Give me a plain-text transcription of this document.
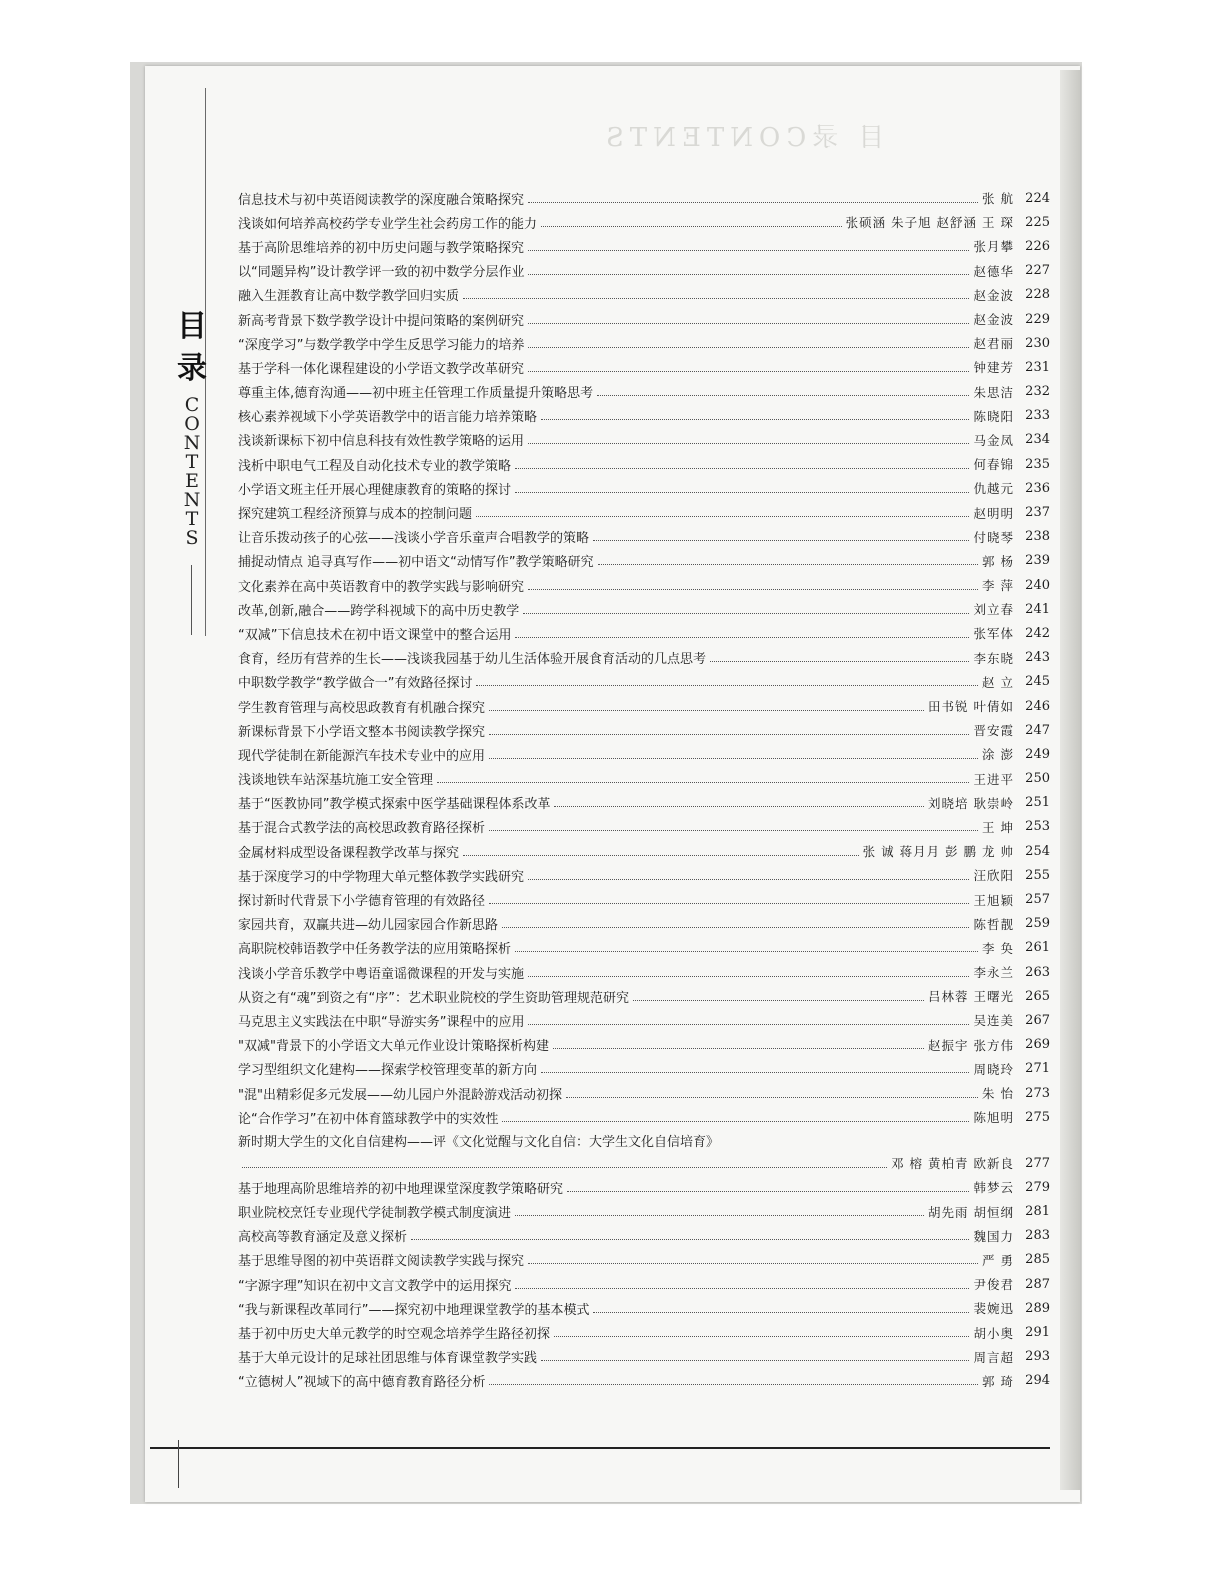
目 录CONTENTS
目
录
C
O
N
T
E
N
T
S
信息技术与初中英语阅读教学的深度融合策略探究	张 航 224
浅谈如何培养高校药学专业学生社会药房工作的能力	张硕涵 朱子旭 赵舒涵 王 琛 225
基于高阶思维培养的初中历史问题与教学策略探究	张月攀 226
以“同题异构”设计教学评一致的初中数学分层作业	赵德华 227
融入生涯教育让高中数学教学回归实质	赵金波 228
新高考背景下数学教学设计中提问策略的案例研究	赵金波 229
“深度学习”与数学教学中学生反思学习能力的培养	赵君丽 230
基于学科一体化课程建设的小学语文教学改革研究	钟建芳 231
尊重主体,德育沟通——初中班主任管理工作质量提升策略思考	朱思洁 232
核心素养视域下小学英语教学中的语言能力培养策略	陈晓阳 233
浅谈新课标下初中信息科技有效性教学策略的运用	马金凤 234
浅析中职电气工程及自动化技术专业的教学策略	何春锦 235
小学语文班主任开展心理健康教育的策略的探讨	仇越元 236
探究建筑工程经济预算与成本的控制问题	赵明明 237
让音乐拨动孩子的心弦——浅谈小学音乐童声合唱教学的策略	付晓琴 238
捕捉动情点 追寻真写作——初中语文“动情写作”教学策略研究	郭 杨 239
文化素养在高中英语教育中的教学实践与影响研究	李 萍 240
改革,创新,融合——跨学科视域下的高中历史教学	刘立春 241
“双减”下信息技术在初中语文课堂中的整合运用	张军体 242
食育，经历有营养的生长——浅谈我园基于幼儿生活体验开展食育活动的几点思考	李东晓 243
中职数学教学“教学做合一”有效路径探讨	赵 立 245
学生教育管理与高校思政教育有机融合探究	田书锐 叶倩如 246
新课标背景下小学语文整本书阅读教学探究	晋安霞 247
现代学徒制在新能源汽车技术专业中的应用	涂 澎 249
浅谈地铁车站深基坑施工安全管理	王进平 250
基于“医教协同”教学模式探索中医学基础课程体系改革	刘晓培 耿崇岭 251
基于混合式教学法的高校思政教育路径探析	王 坤 253
金属材料成型设备课程教学改革与探究	张 诚 蒋月月 彭 鹏 龙 帅 254
基于深度学习的中学物理大单元整体教学实践研究	汪欣阳 255
探讨新时代背景下小学德育管理的有效路径	王旭颖 257
家园共育，双赢共进—幼儿园家园合作新思路	陈哲靓 259
高职院校韩语教学中任务教学法的应用策略探析	李 奂 261
浅谈小学音乐教学中粤语童谣微课程的开发与实施	李永兰 263
从资之有“魂”到资之有“序”：艺术职业院校的学生资助管理规范研究	吕林蓉 王曙光 265
马克思主义实践法在中职“导游实务”课程中的应用	吴连美 267
"双减"背景下的小学语文大单元作业设计策略探析构建	赵振宇 张方伟 269
学习型组织文化建构——探索学校管理变革的新方向	周晓玲 271
"混"出精彩促多元发展——幼儿园户外混龄游戏活动初探	朱 怡 273
论“合作学习”在初中体育篮球教学中的实效性	陈旭明 275
新时期大学生的文化自信建构——评《文化觉醒与文化自信：大学生文化自信培育》
邓 榕 黄柏青 欧新良 277
基于地理高阶思维培养的初中地理课堂深度教学策略研究	韩梦云 279
职业院校烹饪专业现代学徒制教学模式制度演进	胡先雨 胡恒纲 281
高校高等教育涵定及意义探析	魏国力 283
基于思维导图的初中英语群文阅读教学实践与探究	严 勇 285
“字源字理”知识在初中文言文教学中的运用探究	尹俊君 287
“我与新课程改革同行”——探究初中地理课堂教学的基本模式	裴婉迅 289
基于初中历史大单元教学的时空观念培养学生路径初探	胡小奥 291
基于大单元设计的足球社团思维与体育课堂教学实践	周言超 293
“立德树人”视域下的高中德育教育路径分析	郭 琦 294
